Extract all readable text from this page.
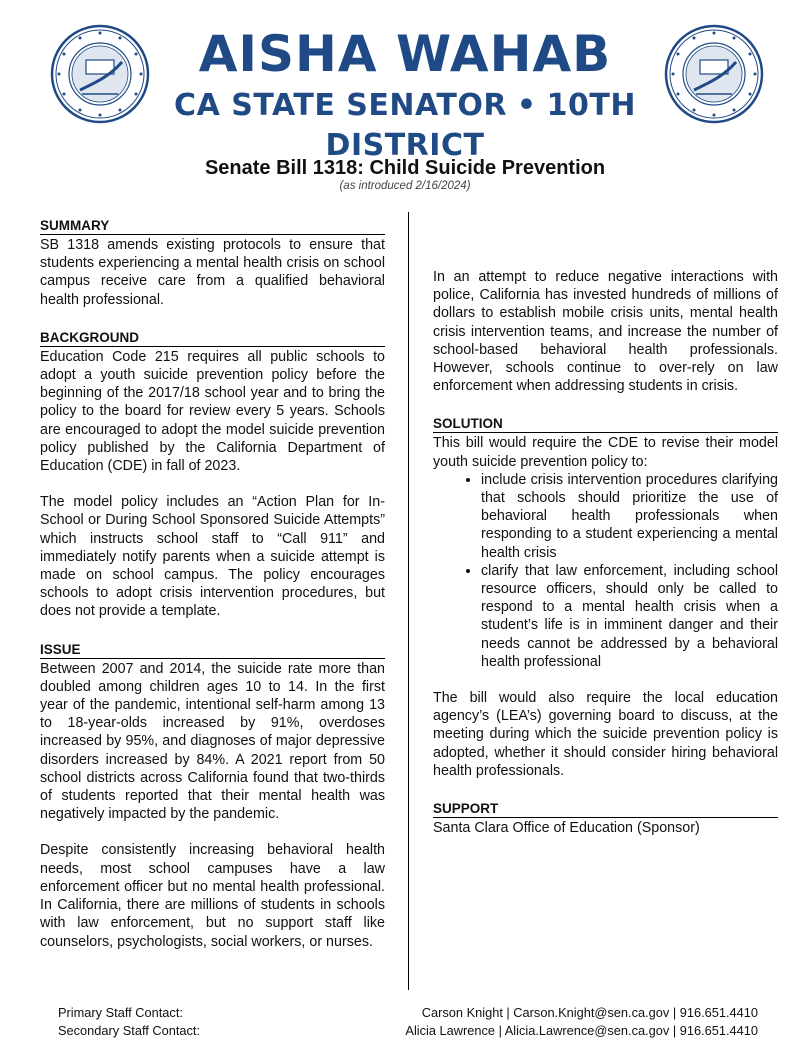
AISHA WAHAB
CA STATE SENATOR • 10TH DISTRICT
Senate Bill 1318: Child Suicide Prevention
(as introduced 2/16/2024)
SUMMARY

SB 1318 amends existing protocols to ensure that students experiencing a mental health crisis on school campus receive care from a qualified behavioral health professional.

BACKGROUND

Education Code 215 requires all public schools to adopt a youth suicide prevention policy before the beginning of the 2017/18 school year and to bring the policy to the board for review every 5 years. Schools are encouraged to adopt the model suicide prevention policy published by the California Department of Education (CDE) in fall of 2023.

The model policy includes an “Action Plan for In-School or During School Sponsored Suicide Attempts” which instructs school staff to “Call 911” and immediately notify parents when a suicide attempt is made on school campus. The policy encourages schools to adopt crisis intervention procedures, but does not provide a template.

ISSUE

Between 2007 and 2014, the suicide rate more than doubled among children ages 10 to 14. In the first year of the pandemic, intentional self-harm among 13 to 18-year-olds increased by 91%, overdoses increased by 95%, and diagnoses of major depressive disorders increased by 84%. A 2021 report from 50 school districts across California found that two-thirds of students reported that their mental health was negatively impacted by the pandemic.

Despite consistently increasing behavioral health needs, most school campuses have a law enforcement officer but no mental health professional. In California, there are millions of students in schools with law enforcement, but no support staff like counselors, psychologists, social workers, or nurses.

In an attempt to reduce negative interactions with police, California has invested hundreds of millions of dollars to establish mobile crisis units, mental health crisis intervention teams, and increase the number of school-based behavioral health professionals. However, schools continue to over-rely on law enforcement when addressing students in crisis.

SOLUTION

This bill would require the CDE to revise their model youth suicide prevention policy to:

• include crisis intervention procedures clarifying that schools should prioritize the use of behavioral health professionals when responding to a student experiencing a mental health crisis
• clarify that law enforcement, including school resource officers, should only be called to respond to a mental health crisis when a student’s life is in imminent danger and their needs cannot be addressed by a behavioral health professional

The bill would also require the local education agency’s (LEA’s) governing board to discuss, at the meeting during which the suicide prevention policy is adopted, whether it should consider hiring behavioral health professionals.

SUPPORT

Santa Clara Office of Education (Sponsor)

Primary Staff Contact:	Carson Knight | Carson.Knight@sen.ca.gov | 916.651.4410
Secondary Staff Contact:	Alicia Lawrence | Alicia.Lawrence@sen.ca.gov | 916.651.4410
